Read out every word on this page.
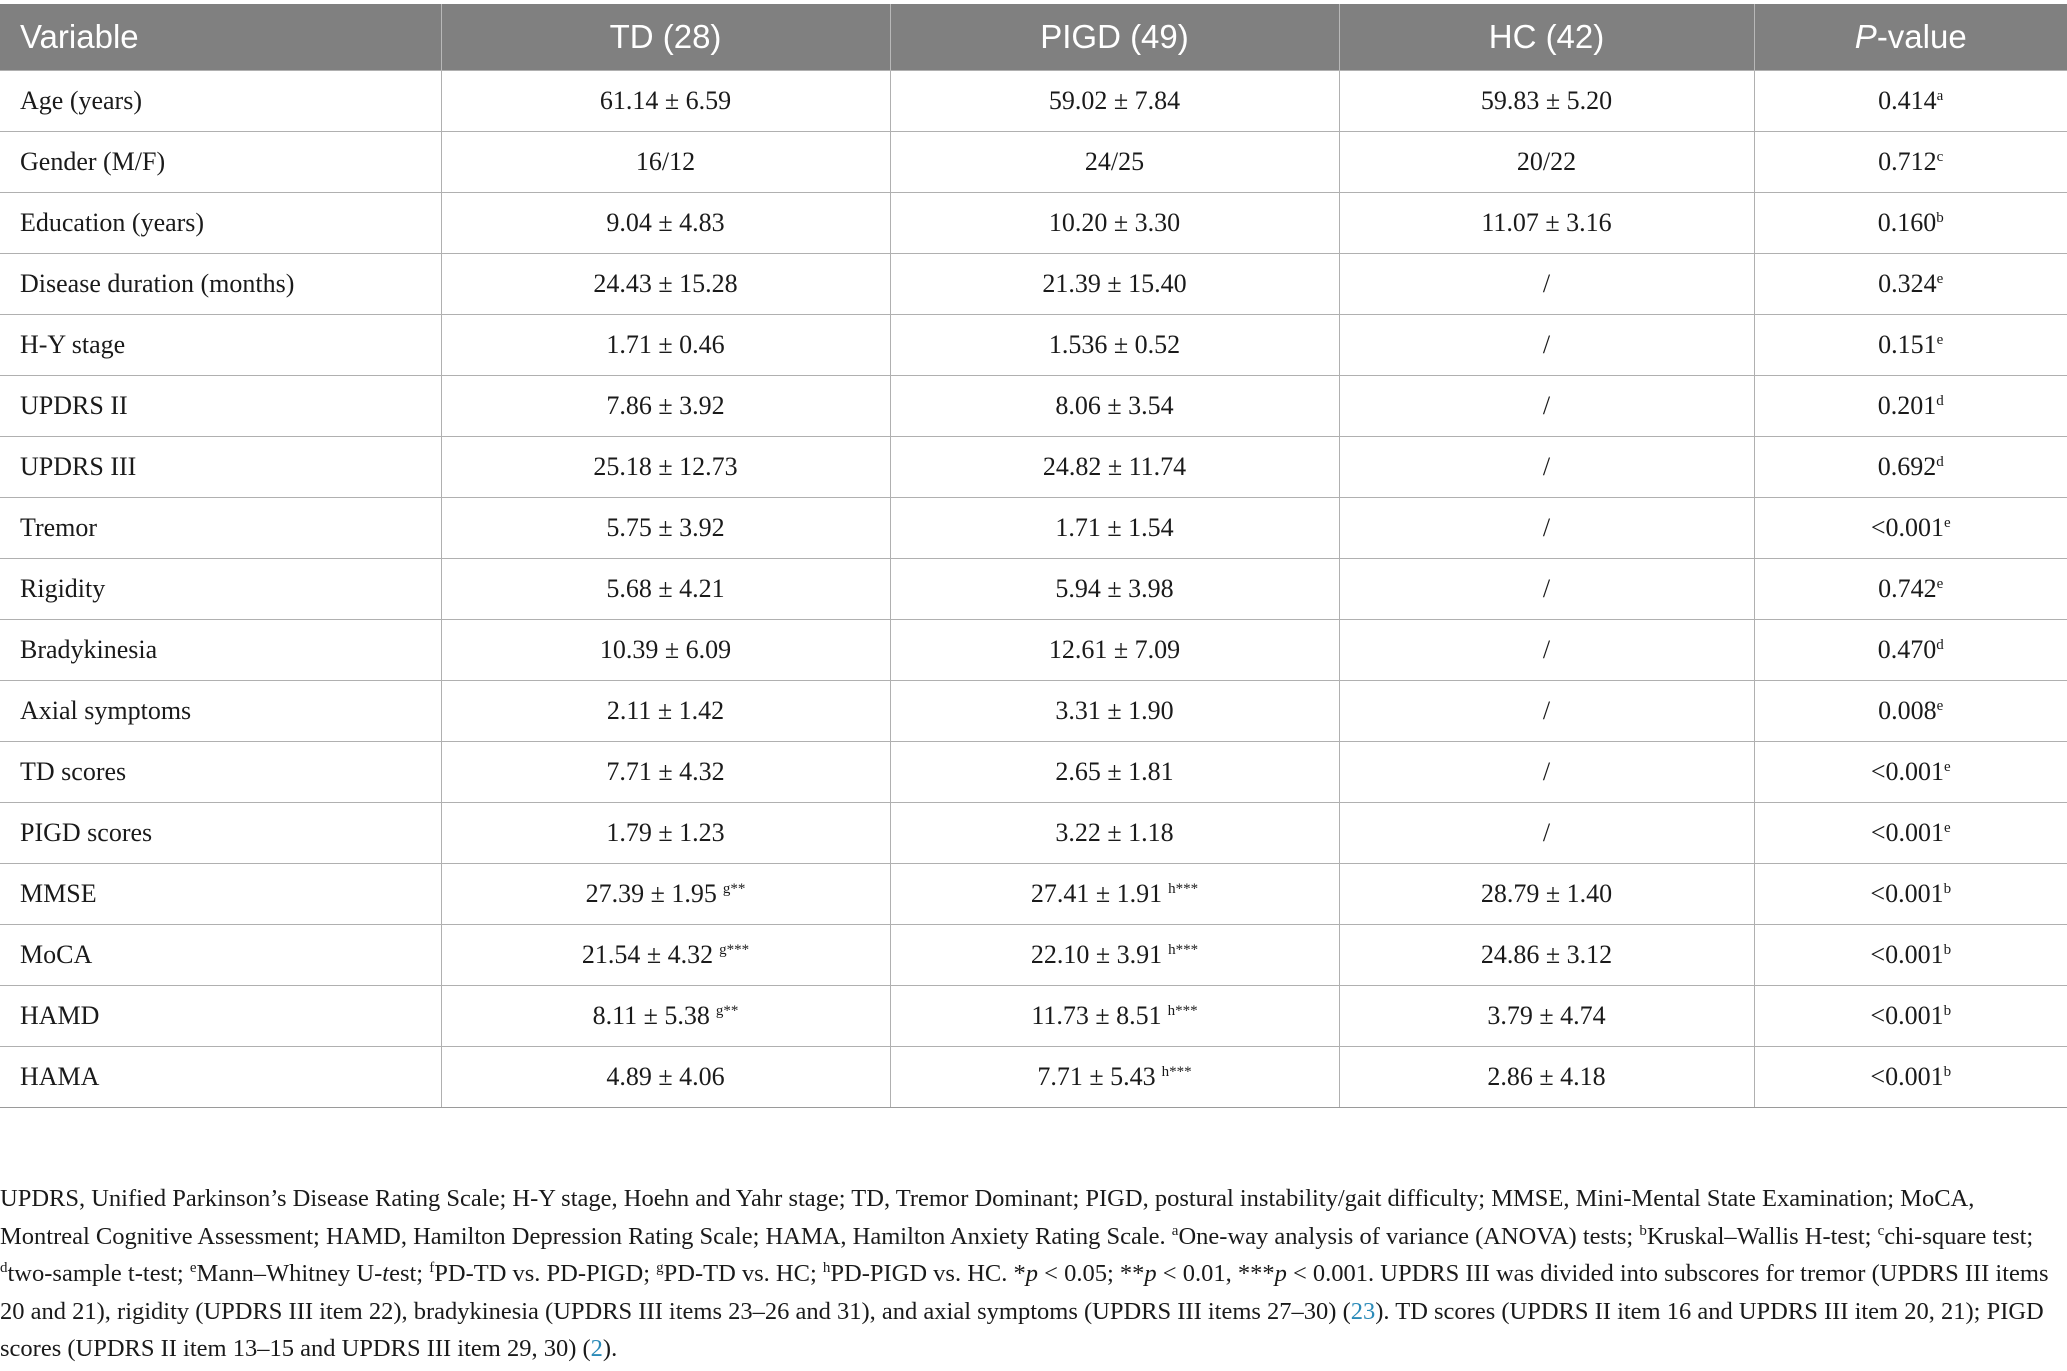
Variable	TD (28)	PIGD (49)	HC (42)	P-value
Age (years)	61.14 ± 6.59	59.02 ± 7.84	59.83 ± 5.20	0.414$^a$
Gender (M/F)	16/12	24/25	20/22	0.712$^c$
Education (years)	9.04 ± 4.83	10.20 ± 3.30	11.07 ± 3.16	0.160$^b$
Disease duration (months)	24.43 ± 15.28	21.39 ± 15.40	/	0.324e
H-Y stage	1.71 ± 0.46	1.536 ± 0.52	/	0.151e
UPDRS II	7.86 ± 3.92	8.06 ± 3.54	/	0.201$^d$
UPDRS III	25.18 ± 12.73	24.82 ± 11.74	/	0.692$^d$
Tremor	5.75 ± 3.92	1.71 ± 1.54	/	<0.001$^e$
Rigidity	5.68 ± 4.21	5.94 ± 3.98	/	0.742e
Bradykinesia	10.39 ± 6.09	12.61 ± 7.09	/	0.470$^d$
Axial symptoms	2.11 ± 1.42	3.31 ± 1.90	/	0.008e
TD scores	7.71 ± 4.32	2.65 ± 1.81	/	<0.001$^e$
PIGD scores	1.79 ± 1.23	3.22 ± 1.18	/	<0.001$^e$
MMSE	27.39 ± 1.95 $^{g**}$	27.41 ± 1.91 $^{h***}$	28.79 ± 1.40	<0.001$^b$
MoCA	21.54 ± 4.32 $^{g***}$	22.10 ± 3.91 $^{h***}$	24.86 ± 3.12	<0.001$^b$
HAMD	8.11 ± 5.38 $^{g**}$	11.73 ± 8.51 $^{h***}$	3.79 ± 4.74	<0.001$^b$
HAMA	4.89 ± 4.06	7.71 ± 5.43 $^{h***}$	2.86 ± 4.18	<0.001$^b$
UPDRS, Unified Parkinson’s Disease Rating Scale; H-Y stage, Hoehn and Yahr stage; TD, Tremor Dominant; PIGD, postural instability/gait difficulty; MMSE, Mini-Mental State Examination; MoCA, Montreal Cognitive Assessment; HAMD, Hamilton Depression Rating Scale; HAMA, Hamilton Anxiety Rating Scale. $^a$One-way analysis of variance (ANOVA) tests; $^b$Kruskal–Wallis H-test; $^c$chi-square test; $^d$two-sample t-test; $^e$Mann–Whitney U-test; $^f$PD-TD vs. PD-PIGD; $^g$PD-TD vs. HC; $^h$PD-PIGD vs. HC. *p < 0.05; **p < 0.01, ***p < 0.001. UPDRS III was divided into subscores for tremor (UPDRS III items 20 and 21), rigidity (UPDRS III item 22), bradykinesia (UPDRS III items 23–26 and 31), and axial symptoms (UPDRS III items 27–30) (23). TD scores (UPDRS II item 16 and UPDRS III item 20, 21); PIGD scores (UPDRS II item 13–15 and UPDRS III item 29, 30) (2).
